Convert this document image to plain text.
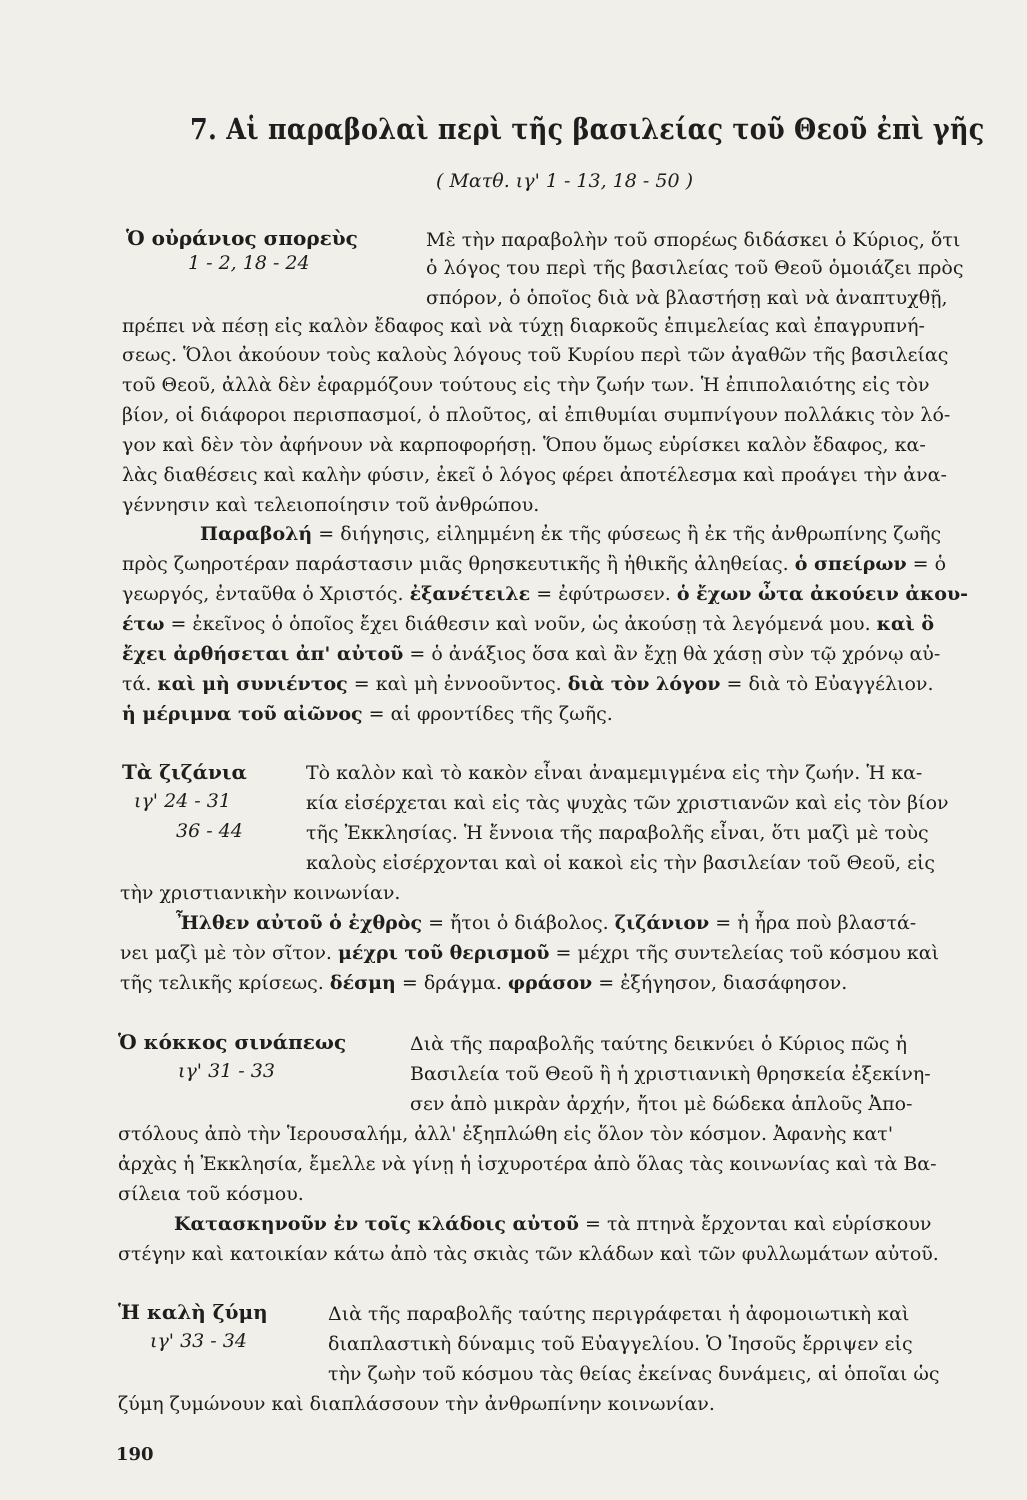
7. Αἱ παραβολαὶ περὶ τῆς βασιλείας τοῦ Θεοῦ ἐπὶ γῆς
( Ματθ. ιγ' 1 - 13, 18 - 50 )
Ὁ οὐράνιος σπορεὺς
1 - 2, 18 - 24
Μὲ τὴν παραβολὴν τοῦ σπορέως διδάσκει ὁ Κύριος, ὅτι
ὁ λόγος του περὶ τῆς βασιλείας τοῦ Θεοῦ ὁμοιάζει πρὸς
σπόρον, ὁ ὁποῖος διὰ νὰ βλαστήσῃ καὶ νὰ ἀναπτυχθῇ,
πρέπει νὰ πέσῃ εἰς καλὸν ἔδαφος καὶ νὰ τύχῃ διαρκοῦς ἐπιμελείας καὶ ἐπαγρυπνή-
σεως. Ὅλοι ἀκούουν τοὺς καλοὺς λόγους τοῦ Κυρίου περὶ τῶν ἀγαθῶν τῆς βασιλείας
τοῦ Θεοῦ, ἀλλὰ δὲν ἐφαρμόζουν τούτους εἰς τὴν ζωήν των. Ἡ ἐπιπολαιότης εἰς τὸν
βίον, οἱ διάφοροι περισπασμοί, ὁ πλοῦτος, αἱ ἐπιθυμίαι συμπνίγουν πολλάκις τὸν λό-
γον καὶ δὲν τὸν ἀφήνουν νὰ καρποφορήσῃ. Ὅπου ὅμως εὑρίσκει καλὸν ἔδαφος, κα-
λὰς διαθέσεις καὶ καλὴν φύσιν, ἐκεῖ ὁ λόγος φέρει ἀποτέλεσμα καὶ προάγει τὴν ἀνα-
γέννησιν καὶ τελειοποίησιν τοῦ ἀνθρώπου.
Παραβολή = διήγησις, εἰλημμένη ἐκ τῆς φύσεως ἢ ἐκ τῆς ἀνθρωπίνης ζωῆς
πρὸς ζωηροτέραν παράστασιν μιᾶς θρησκευτικῆς ἢ ἠθικῆς ἀληθείας. ὁ σπείρων = ὁ
γεωργός, ἐνταῦθα ὁ Χριστός. ἐξανέτειλε = ἐφύτρωσεν. ὁ ἔχων ὦτα ἀκούειν ἀκου-
έτω = ἐκεῖνος ὁ ὁποῖος ἔχει διάθεσιν καὶ νοῦν, ὡς ἀκούσῃ τὰ λεγόμενά μου. καὶ ὃ
ἔχει ἀρθήσεται ἀπ' αὐτοῦ = ὁ ἀνάξιος ὅσα καὶ ἂν ἔχῃ θὰ χάσῃ σὺν τῷ χρόνῳ αὐ-
τά. καὶ μὴ συνιέντος = καὶ μὴ ἐννοοῦντος. διὰ τὸν λόγον = διὰ τὸ Εὐαγγέλιον.
ἡ μέριμνα τοῦ αἰῶνος = αἱ φροντίδες τῆς ζωῆς.
Τὰ ζιζάνια
ιγ' 24 - 31
36 - 44
Τὸ καλὸν καὶ τὸ κακὸν εἶναι ἀναμεμιγμένα εἰς τὴν ζωήν. Ἡ κα-
κία εἰσέρχεται καὶ εἰς τὰς ψυχὰς τῶν χριστιανῶν καὶ εἰς τὸν βίον
τῆς Ἐκκλησίας. Ἡ ἔννοια τῆς παραβολῆς εἶναι, ὅτι μαζὶ μὲ τοὺς
καλοὺς εἰσέρχονται καὶ οἱ κακοὶ εἰς τὴν βασιλείαν τοῦ Θεοῦ, εἰς
τὴν χριστιανικὴν κοινωνίαν.
Ἦλθεν αὐτοῦ ὁ ἐχθρὸς = ἤτοι ὁ διάβολος. ζιζάνιον = ἡ ἦρα ποὺ βλαστά-
νει μαζὶ μὲ τὸν σῖτον. μέχρι τοῦ θερισμοῦ = μέχρι τῆς συντελείας τοῦ κόσμου καὶ
τῆς τελικῆς κρίσεως. δέσμη = δράγμα. φράσον = ἐξήγησον, διασάφησον.
Ὁ κόκκος σινάπεως
ιγ' 31 - 33
Διὰ τῆς παραβολῆς ταύτης δεικνύει ὁ Κύριος πῶς ἡ
Βασιλεία τοῦ Θεοῦ ἢ ἡ χριστιανικὴ θρησκεία ἐξεκίνη-
σεν ἀπὸ μικρὰν ἀρχήν, ἤτοι μὲ δώδεκα ἁπλοῦς Ἀπο-
στόλους ἀπὸ τὴν Ἱερουσαλήμ, ἀλλ' ἐξηπλώθη εἰς ὅλον τὸν κόσμον. Ἀφανὴς κατ'
ἀρχὰς ἡ Ἐκκλησία, ἔμελλε νὰ γίνῃ ἡ ἰσχυροτέρα ἀπὸ ὅλας τὰς κοινωνίας καὶ τὰ Βα-
σίλεια τοῦ κόσμου.
Κατασκηνοῦν ἐν τοῖς κλάδοις αὐτοῦ = τὰ πτηνὰ ἔρχονται καὶ εὑρίσκουν
στέγην καὶ κατοικίαν κάτω ἀπὸ τὰς σκιὰς τῶν κλάδων καὶ τῶν φυλλωμάτων αὐτοῦ.
Ἡ καλὴ ζύμη
ιγ' 33 - 34
Διὰ τῆς παραβολῆς ταύτης περιγράφεται ἡ ἀφομοιωτικὴ καὶ
διαπλαστικὴ δύναμις τοῦ Εὐαγγελίου. Ὁ Ἰησοῦς ἔρριψεν εἰς
τὴν ζωὴν τοῦ κόσμου τὰς θείας ἐκείνας δυνάμεις, αἱ ὁποῖαι ὡς
ζύμη ζυμώνουν καὶ διαπλάσσουν τὴν ἀνθρωπίνην κοινωνίαν.
190
